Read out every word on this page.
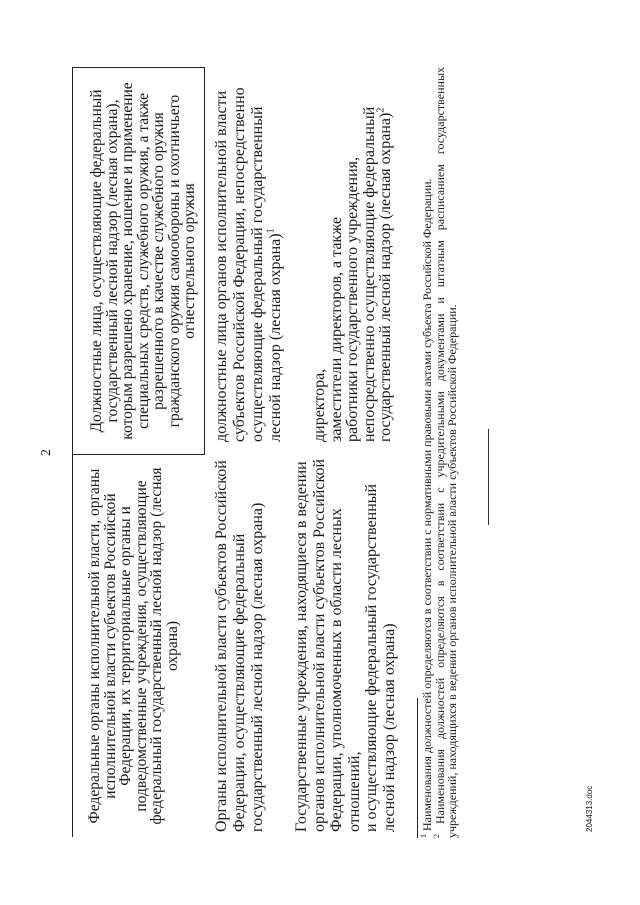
2
Федеральные органы исполнительной власти, органы
исполнительной власти субъектов Российской
Федерации, их территориальные органы и
подведомственные учреждения, осуществляющие
федеральный государственный лесной надзор (лесная
охрана)
Должностные лица, осуществляющие федеральный
государственный лесной надзор (лесная охрана),
которым разрешено хранение, ношение и применение
специальных средств, служебного оружия, а также
разрешенного в качестве служебного оружия
гражданского оружия самообороны и охотничьего
огнестрельного оружия
Органы исполнительной власти субъектов Российской Федерации, осуществляющие федеральный государственный лесной надзор (лесная охрана)
должностные лица органов исполнительной власти субъектов Российской Федерации, непосредственно осуществляющие федеральный государственный лесной надзор (лесная охрана)$^1$
Государственные учреждения, находящиеся в ведении органов исполнительной власти субъектов Российской Федерации, уполномоченных в области лесных отношений, и осуществляющие федеральный государственный лесной надзор (лесная охрана)
директора, заместители директоров, а также работники государственного учреждения, непосредственно осуществляющие федеральный государственный лесной надзор (лесная охрана)$^2$
$^1$ Наименования должностей определяются в соответствии с нормативными правовыми актами субъекта Российской Федерации.
$^2$ Наименования должностей определяются в соответствии с учредительными документами и штатным расписанием государственных
учреждений, находящихся в ведении органов исполнительной власти субъектов Российской Федерации.	2044313.doc
